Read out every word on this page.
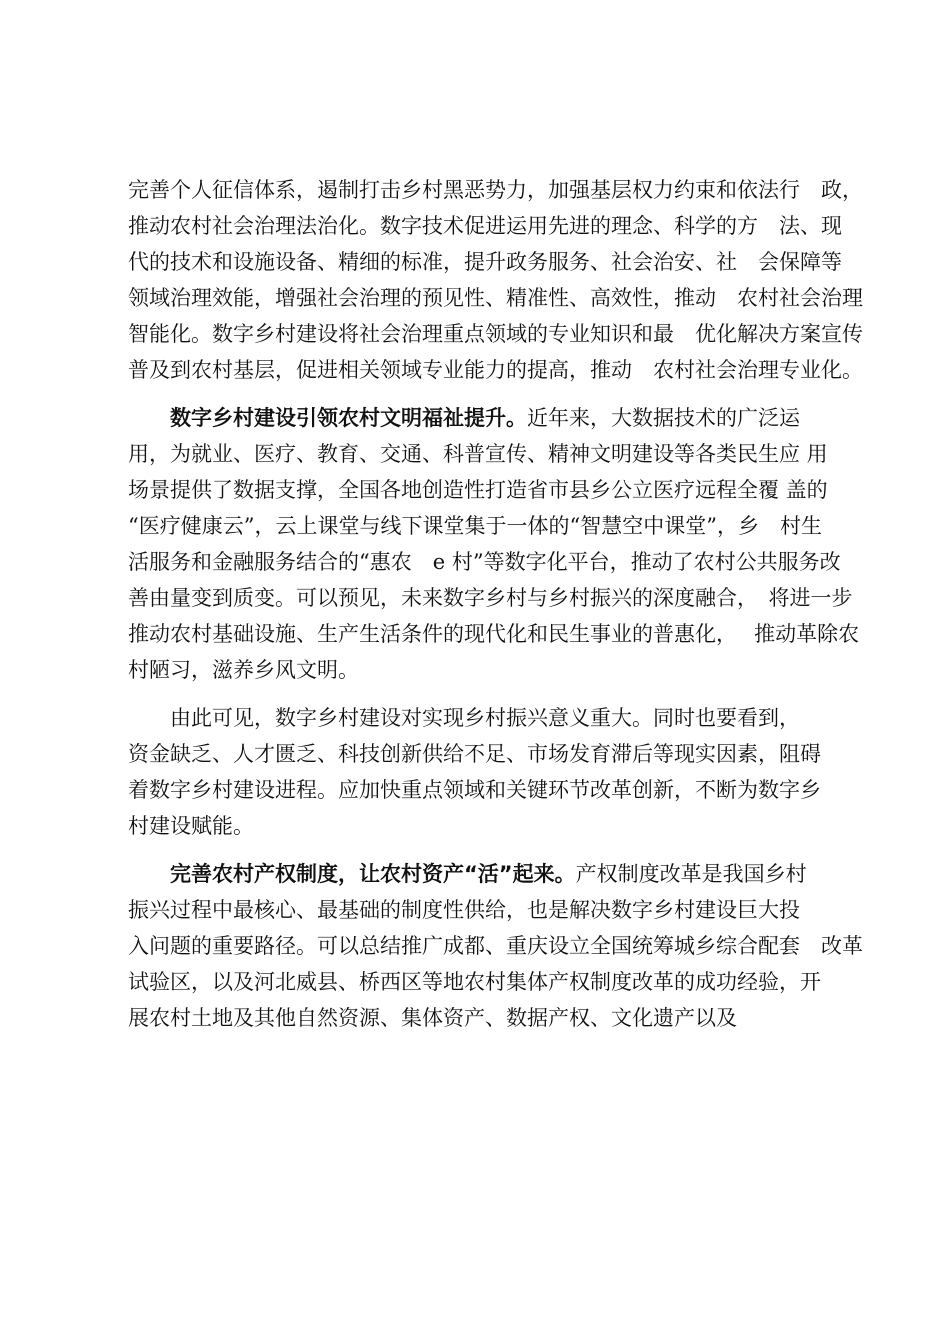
完善个人征信体系，遏制打击乡村黑恶势力，加强基层权力约束和依法行　政，
推动农村社会治理法治化。数字技术促进运用先进的理念、科学的方　法、现
代的技术和设施设备、精细的标准，提升政务服务、社会治安、社　会保障等
领域治理效能，增强社会治理的预见性、精准性、高效性，推动　农村社会治理
智能化。数字乡村建设将社会治理重点领域的专业知识和最　优化解决方案宣传
普及到农村基层，促进相关领域专业能力的提高，推动　农村社会治理专业化。
数字乡村建设引领农村文明福祉提升。近年来，大数据技术的广泛运
用，为就业、医疗、教育、交通、科普宣传、精神文明建设等各类民生应 用
场景提供了数据支撑，全国各地创造性打造省市县乡公立医疗远程全覆 盖的
“医疗健康云”，云上课堂与线下课堂集于一体的“智慧空中课堂”，乡　村生
活服务和金融服务结合的“惠农　e 村”等数字化平台，推动了农村公共服务改
善由量变到质变。可以预见，未来数字乡村与乡村振兴的深度融合，　将进一步
推动农村基础设施、生产生活条件的现代化和民生事业的普惠化，　 推动革除农
村陋习，滋养乡风文明。
由此可见，数字乡村建设对实现乡村振兴意义重大。同时也要看到，
资金缺乏、人才匮乏、科技创新供给不足、市场发育滞后等现实因素，阻碍
着数字乡村建设进程。应加快重点领域和关键环节改革创新，不断为数字乡
村建设赋能。
完善农村产权制度，让农村资产“活”起来。产权制度改革是我国乡村
振兴过程中最核心、最基础的制度性供给，也是解决数字乡村建设巨大投
入问题的重要路径。可以总结推广成都、重庆设立全国统筹城乡综合配套　改革
试验区，以及河北威县、桥西区等地农村集体产权制度改革的成功经验，开
展农村土地及其他自然资源、集体资产、数据产权、文化遗产以及
